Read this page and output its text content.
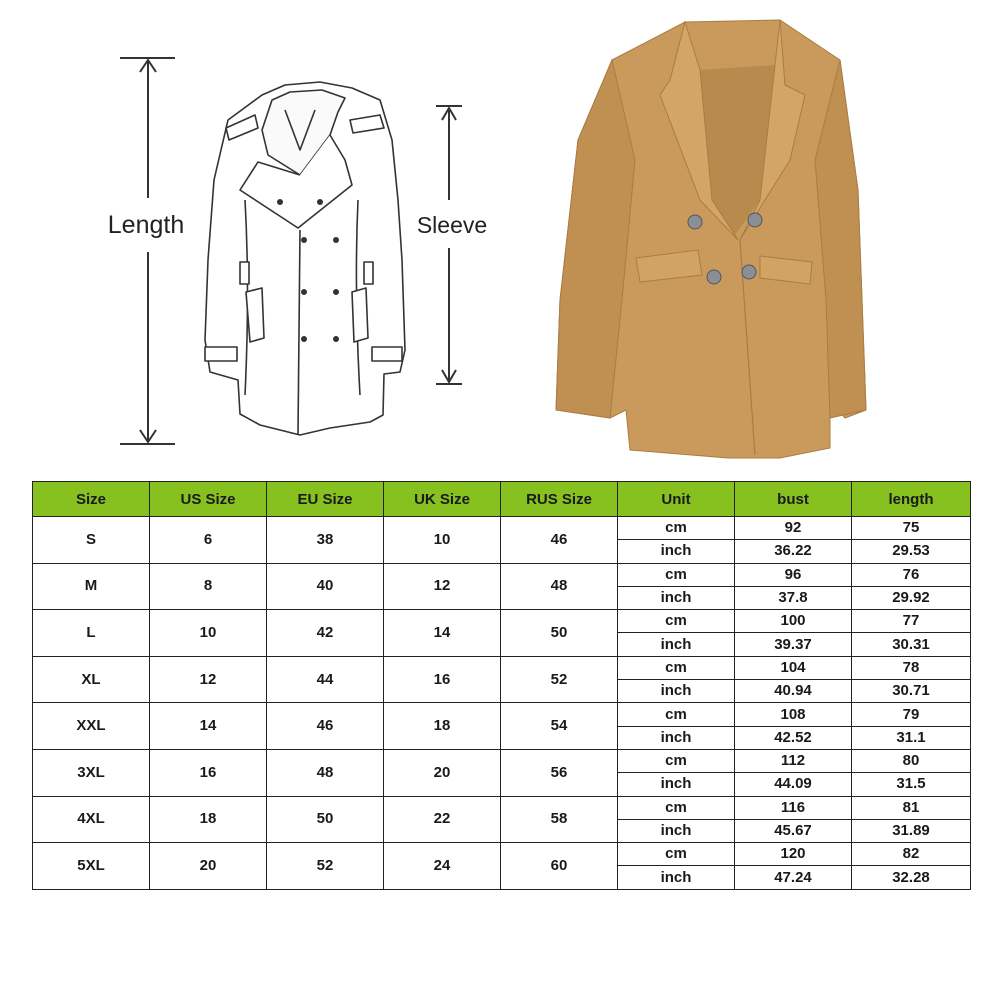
Length	Sleeve
Size	US Size	EU Size	UK Size	RUS Size	Unit	bust	length
S	6	38	10	46	cm	92	75
					inch	36.22	29.53
M	8	40	12	48	cm	96	76
					inch	37.8	29.92
L	10	42	14	50	cm	100	77
					inch	39.37	30.31
XL	12	44	16	52	cm	104	78
					inch	40.94	30.71
XXL	14	46	18	54	cm	108	79
					inch	42.52	31.1
3XL	16	48	20	56	cm	112	80
					inch	44.09	31.5
4XL	18	50	22	58	cm	116	81
					inch	45.67	31.89
5XL	20	52	24	60	cm	120	82
					inch	47.24	32.28
